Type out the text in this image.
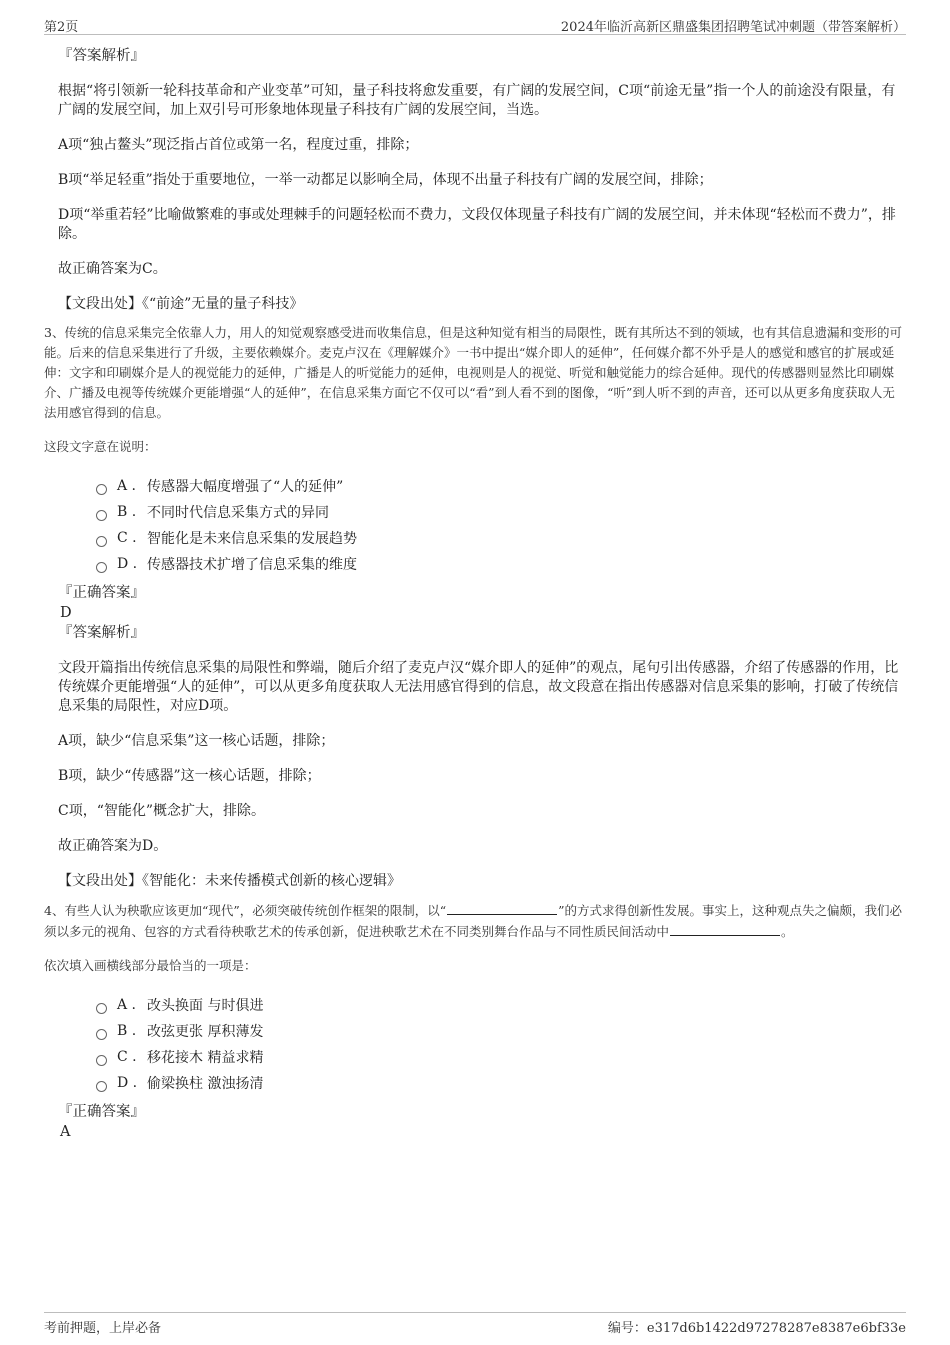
第2页	2024年临沂高新区鼎盛集团招聘笔试冲刺题（带答案解析）

『答案解析』

根据“将引领新一轮科技革命和产业变革”可知，量子科技将愈发重要，有广阔的发展空间，C项“前途无量”指一个人的前途没有限量，有广阔的发展空间，加上双引号可形象地体现量子科技有广阔的发展空间，当选。

A项“独占鳌头”现泛指占首位或第一名，程度过重，排除；

B项“举足轻重”指处于重要地位，一举一动都足以影响全局，体现不出量子科技有广阔的发展空间，排除；

D项“举重若轻”比喻做繁难的事或处理棘手的问题轻松而不费力，文段仅体现量子科技有广阔的发展空间，并未体现“轻松而不费力”，排除。

故正确答案为C。

【文段出处】《“前途”无量的量子科技》

3、传统的信息采集完全依靠人力，用人的知觉观察感受进而收集信息，但是这种知觉有相当的局限性，既有其所达不到的领域，也有其信息遗漏和变形的可能。后来的信息采集进行了升级，主要依赖媒介。麦克卢汉在《理解媒介》一书中提出“媒介即人的延伸”，任何媒介都不外乎是人的感觉和感官的扩展或延伸：文字和印刷媒介是人的视觉能力的延伸，广播是人的听觉能力的延伸，电视则是人的视觉、听觉和触觉能力的综合延伸。现代的传感器则显然比印刷媒介、广播及电视等传统媒介更能增强“人的延伸”，在信息采集方面它不仅可以“看”到人看不到的图像，“听”到人听不到的声音，还可以从更多角度获取人无法用感官得到的信息。

这段文字意在说明：

A . 传感器大幅度增强了“人的延伸”
B . 不同时代信息采集方式的异同
C . 智能化是未来信息采集的发展趋势
D . 传感器技术扩增了信息采集的维度

『正确答案』

D

『答案解析』

文段开篇指出传统信息采集的局限性和弊端，随后介绍了麦克卢汉“媒介即人的延伸”的观点，尾句引出传感器，介绍了传感器的作用，比传统媒介更能增强“人的延伸”，可以从更多角度获取人无法用感官得到的信息，故文段意在指出传感器对信息采集的影响，打破了传统信息采集的局限性，对应D项。

A项，缺少“信息采集”这一核心话题，排除；

B项，缺少“传感器”这一核心话题，排除；

C项，“智能化”概念扩大，排除。

故正确答案为D。

【文段出处】《智能化：未来传播模式创新的核心逻辑》

4、有些人认为秧歌应该更加“现代”，必须突破传统创作框架的限制，以“	”的方式求得创新性发展。事实上，这种观点失之偏颇，我们必须以多元的视角、包容的方式看待秧歌艺术的传承创新，促进秧歌艺术在不同类别舞台作品与不同性质民间活动中	。

依次填入画横线部分最恰当的一项是：

A . 改头换面 与时俱进
B . 改弦更张 厚积薄发
C . 移花接木 精益求精
D . 偷梁换柱 激浊扬清

『正确答案』

A

考前押题，上岸必备	编号：e317d6b1422d97278287e8387e6bf33e
